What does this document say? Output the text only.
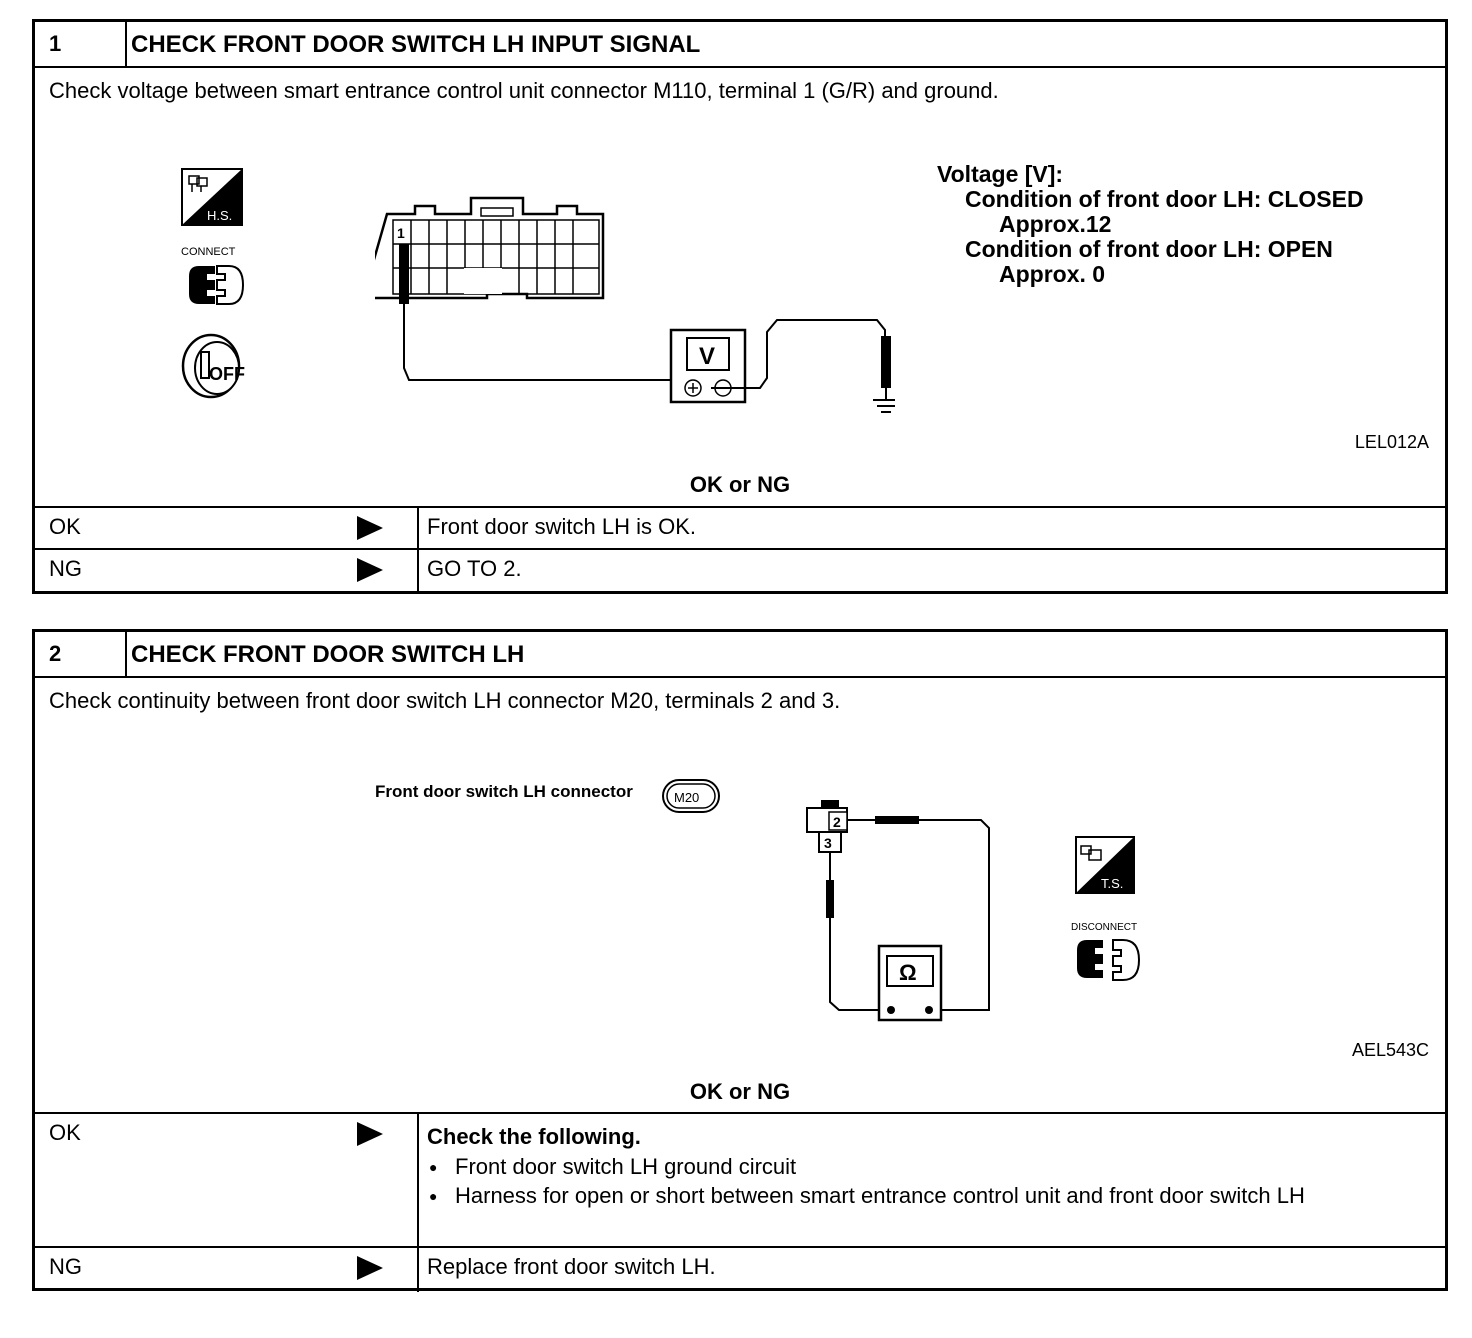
1	CHECK FRONT DOOR SWITCH LH INPUT SIGNAL
Check voltage between smart entrance control unit connector M110, terminal 1 (G/R) and ground.
H.S.
CONNECT
OFF
1
V
Voltage [V]:
Condition of front door LH: CLOSED
Approx.12
Condition of front door LH: OPEN
Approx. 0
LEL012A
OK or NG
OK	Front door switch LH is OK.
NG	GO TO 2.
2	CHECK FRONT DOOR SWITCH LH
Check continuity between front door switch LH connector M20, terminals 2 and 3.
Front door switch LH connector	M20
2
3
Ω
T.S.
DISCONNECT
AEL543C
OK or NG
OK	Check the following.
● Front door switch LH ground circuit
● Harness for open or short between smart entrance control unit and front door switch LH
NG	Replace front door switch LH.
